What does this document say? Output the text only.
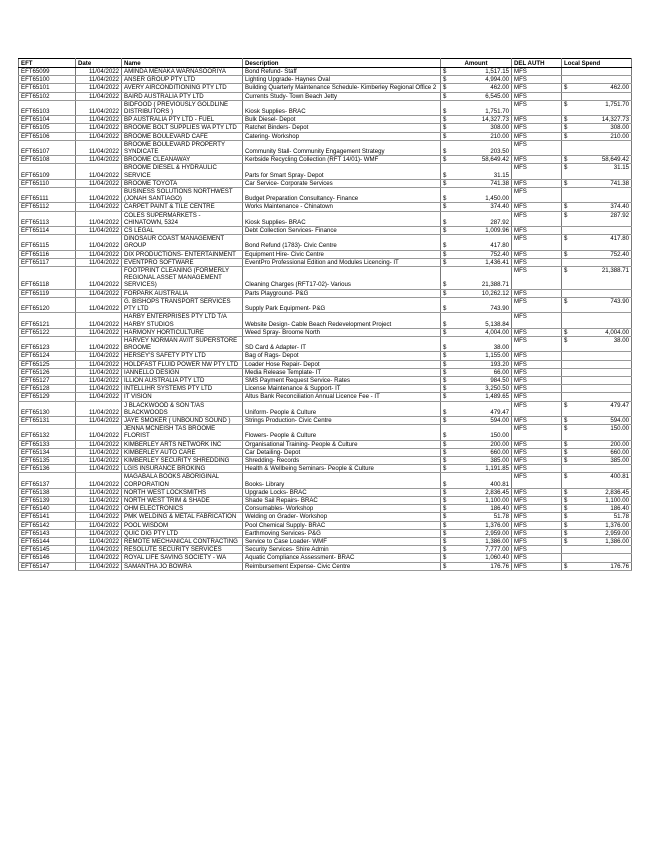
EFT	Date	Name	Description	Amount	DEL AUTH	Local Spend
EFT65099	11/04/2022	AMINDA MENAKA WARNASOORIYA	Bond Refund- Staff	$ 1,517.15	MFS	

EFT65100	11/04/2022	ANSER GROUP PTY LTD	Lighting Upgrade- Haynes Oval	$ 4,994.00	MFS	

EFT65101	11/04/2022	AVERY AIRCONDITIONING PTY LTD	Building Quarterly Maintenance Schedule- Kimberley Regional Office 2	$ 462.00	MFS	$ 462.00

EFT65102	11/04/2022	BAIRD AUSTRALIA PTY LTD	Currents Study- Town Beach Jetty	$ 6,545.00	MFS	

EFT65103	11/04/2022	BIDFOOD ( PREVIOUSLY GOLDLINE DISTRIBUTORS )	Kiosk Supplies- BRAC	$ 1,751.70	MFS	$ 1,751.70

EFT65104	11/04/2022	BP AUSTRALIA PTY LTD - FUEL	Bulk Diesel- Depot	$ 14,327.73	MFS	$ 14,327.73

EFT65105	11/04/2022	BROOME BOLT SUPPLIES WA PTY LTD	Ratchet Binders- Depot	$ 308.00	MFS	$ 308.00

EFT65106	11/04/2022	BROOME BOULEVARD CAFE	Catering- Workshop	$ 210.00	MFS	$ 210.00

EFT65107	11/04/2022	BROOME BOULEVARD PROPERTY SYNDICATE	Community Stall- Community Engagement Strategy	$ 203.50	MFS	

EFT65108	11/04/2022	BROOME CLEANAWAY	Kerbside Recycling Collection (RFT 14/01)- WMF	$ 58,649.42	MFS	$ 58,649.42

EFT65109	11/04/2022	BROOME DIESEL & HYDRAULIC SERVICE	Parts for Smart Spray- Depot	$ 31.15	MFS	$ 31.15

EFT65110	11/04/2022	BROOME TOYOTA	Car Service- Corporate Services	$ 741.38	MFS	$ 741.38

EFT65111	11/04/2022	BUSINESS SOLUTIONS NORTHWEST (JONAH SANTIAGO)	Budget Preparation Consultancy- Finance	$ 1,450.00	MFS	

EFT65112	11/04/2022	CARPET PAINT & TILE CENTRE	Works Maintenance - Chinatown	$ 374.40	MFS	$ 374.40

EFT65113	11/04/2022	COLES SUPERMARKETS - CHINATOWN, 5324	Kiosk Supplies- BRAC	$ 287.92	MFS	$ 287.92

EFT65114	11/04/2022	CS LEGAL	Debt Collection Services- Finance	$ 1,009.96	MFS	

EFT65115	11/04/2022	DINOSAUR COAST MANAGEMENT GROUP	Bond Refund (1783)- Civic Centre	$ 417.80	MFS	$ 417.80

EFT65116	11/04/2022	DIX PRODUCTIONS- ENTERTAINMENT	Equipment Hire- Civic Centre	$ 752.40	MFS	$ 752.40

EFT65117	11/04/2022	EVENTPRO SOFTWARE	EventPro Professional Edition and Modules Licencing- IT	$ 1,436.41	MFS	

EFT65118	11/04/2022	FOOTPRINT CLEANING (FORMERLY REGIONAL ASSET MANAGEMENT SERVICES)	Cleaning Charges (RFT17-02)- Various	$ 21,388.71	MFS	$ 21,388.71

EFT65119	11/04/2022	FORPARK AUSTRALIA	Parts Playground- P&G	$ 10,262.12	MFS	

EFT65120	11/04/2022	G. BISHOPS TRANSPORT SERVICES PTY LTD	Supply Park Equipment- P&G	$ 743.90	MFS	$ 743.90

EFT65121	11/04/2022	HARBY ENTERPRISES PTY LTD T/A HARBY STUDIOS	Website Design- Cable Beach Redevelopment Project	$ 5,138.84	MFS	

EFT65122	11/04/2022	HARMONY HORTICULTURE	Weed Spray- Broome North	$ 4,004.00	MFS	$ 4,004.00

EFT65123	11/04/2022	HARVEY NORMAN AV/IT SUPERSTORE BROOME	SD Card & Adapter- IT	$ 38.00	MFS	$ 38.00

EFT65124	11/04/2022	HERSEY'S SAFETY PTY LTD	Bag of Rags- Depot	$ 1,155.00	MFS	

EFT65125	11/04/2022	HOLDFAST FLUID POWER NW PTY LTD	Loader Hose Repair- Depot	$ 193.20	MFS	

EFT65126	11/04/2022	IANNELLO DESIGN	Media Release Template- IT	$ 66.00	MFS	

EFT65127	11/04/2022	ILLION AUSTRALIA PTY LTD	SMS Payment Request Service- Rates	$ 984.50	MFS	

EFT65128	11/04/2022	INTELLIHR SYSTEMS PTY LTD	License Maintenance & Support- IT	$ 3,250.50	MFS	

EFT65129	11/04/2022	IT VISION	Altus Bank Reconciliation Annual Licence Fee - IT	$ 1,489.65	MFS	

EFT65130	11/04/2022	J BLACKWOOD & SON T/AS BLACKWOODS	Uniform- People & Culture	$ 479.47	MFS	$ 479.47

EFT65131	11/04/2022	JAYE SMOKER ( UNBOUND SOUND )	Strings Production- Civic Centre	$ 594.00	MFS	$ 594.00

EFT65132	11/04/2022	JENNA MCNEISH TAS BROOME FLORIST	Flowers- People & Culture	$ 150.00	MFS	$ 150.00

EFT65133	11/04/2022	KIMBERLEY ARTS NETWORK INC	Organisational Training- People & Culture	$ 200.00	MFS	$ 200.00

EFT65134	11/04/2022	KIMBERLEY AUTO CARE	Car Detailing- Depot	$ 660.00	MFS	$ 660.00

EFT65135	11/04/2022	KIMBERLEY SECURITY SHREDDING	Shredding- Records	$ 385.00	MFS	$ 385.00

EFT65136	11/04/2022	LGIS INSURANCE BROKING	Health & Wellbeing Seminars- People & Culture	$ 1,191.85	MFS	

EFT65137	11/04/2022	MAGABALA BOOKS ABORIGINAL CORPORATION	Books- Library	$ 400.81	MFS	$ 400.81

EFT65138	11/04/2022	NORTH WEST LOCKSMITHS	Upgrade Locks- BRAC	$ 2,836.45	MFS	$ 2,836.45

EFT65139	11/04/2022	NORTH WEST TRIM & SHADE	Shade Sail Repairs- BRAC	$ 1,100.00	MFS	$ 1,100.00

EFT65140	11/04/2022	OHM ELECTRONICS	Consumables- Workshop	$ 186.40	MFS	$ 186.40

EFT65141	11/04/2022	PMK WELDING & METAL FABRICATION	Welding on Grader- Workshop	$ 51.78	MFS	$ 51.78

EFT65142	11/04/2022	POOL WISDOM	Pool Chemical Supply- BRAC	$ 1,376.00	MFS	$ 1,376.00

EFT65143	11/04/2022	QUIC DIG PTY LTD	Earthmoving Services- P&G	$ 2,959.00	MFS	$ 2,959.00

EFT65144	11/04/2022	REMOTE MECHANICAL CONTRACTING	Service to Case Loader- WMF	$ 1,386.00	MFS	$ 1,386.00

EFT65145	11/04/2022	RESOLUTE SECURITY SERVICES	Security Services- Shire Admin	$ 7,777.00	MFS	

EFT65146	11/04/2022	ROYAL LIFE SAVING SOCIETY - WA	Aquatic Compliance Assessment- BRAC	$ 1,060.40	MFS	

EFT65147	11/04/2022	SAMANTHA JO BOWRA	Reimbursement Expense- Civic Centre	$ 176.76	MFS	$ 176.76
